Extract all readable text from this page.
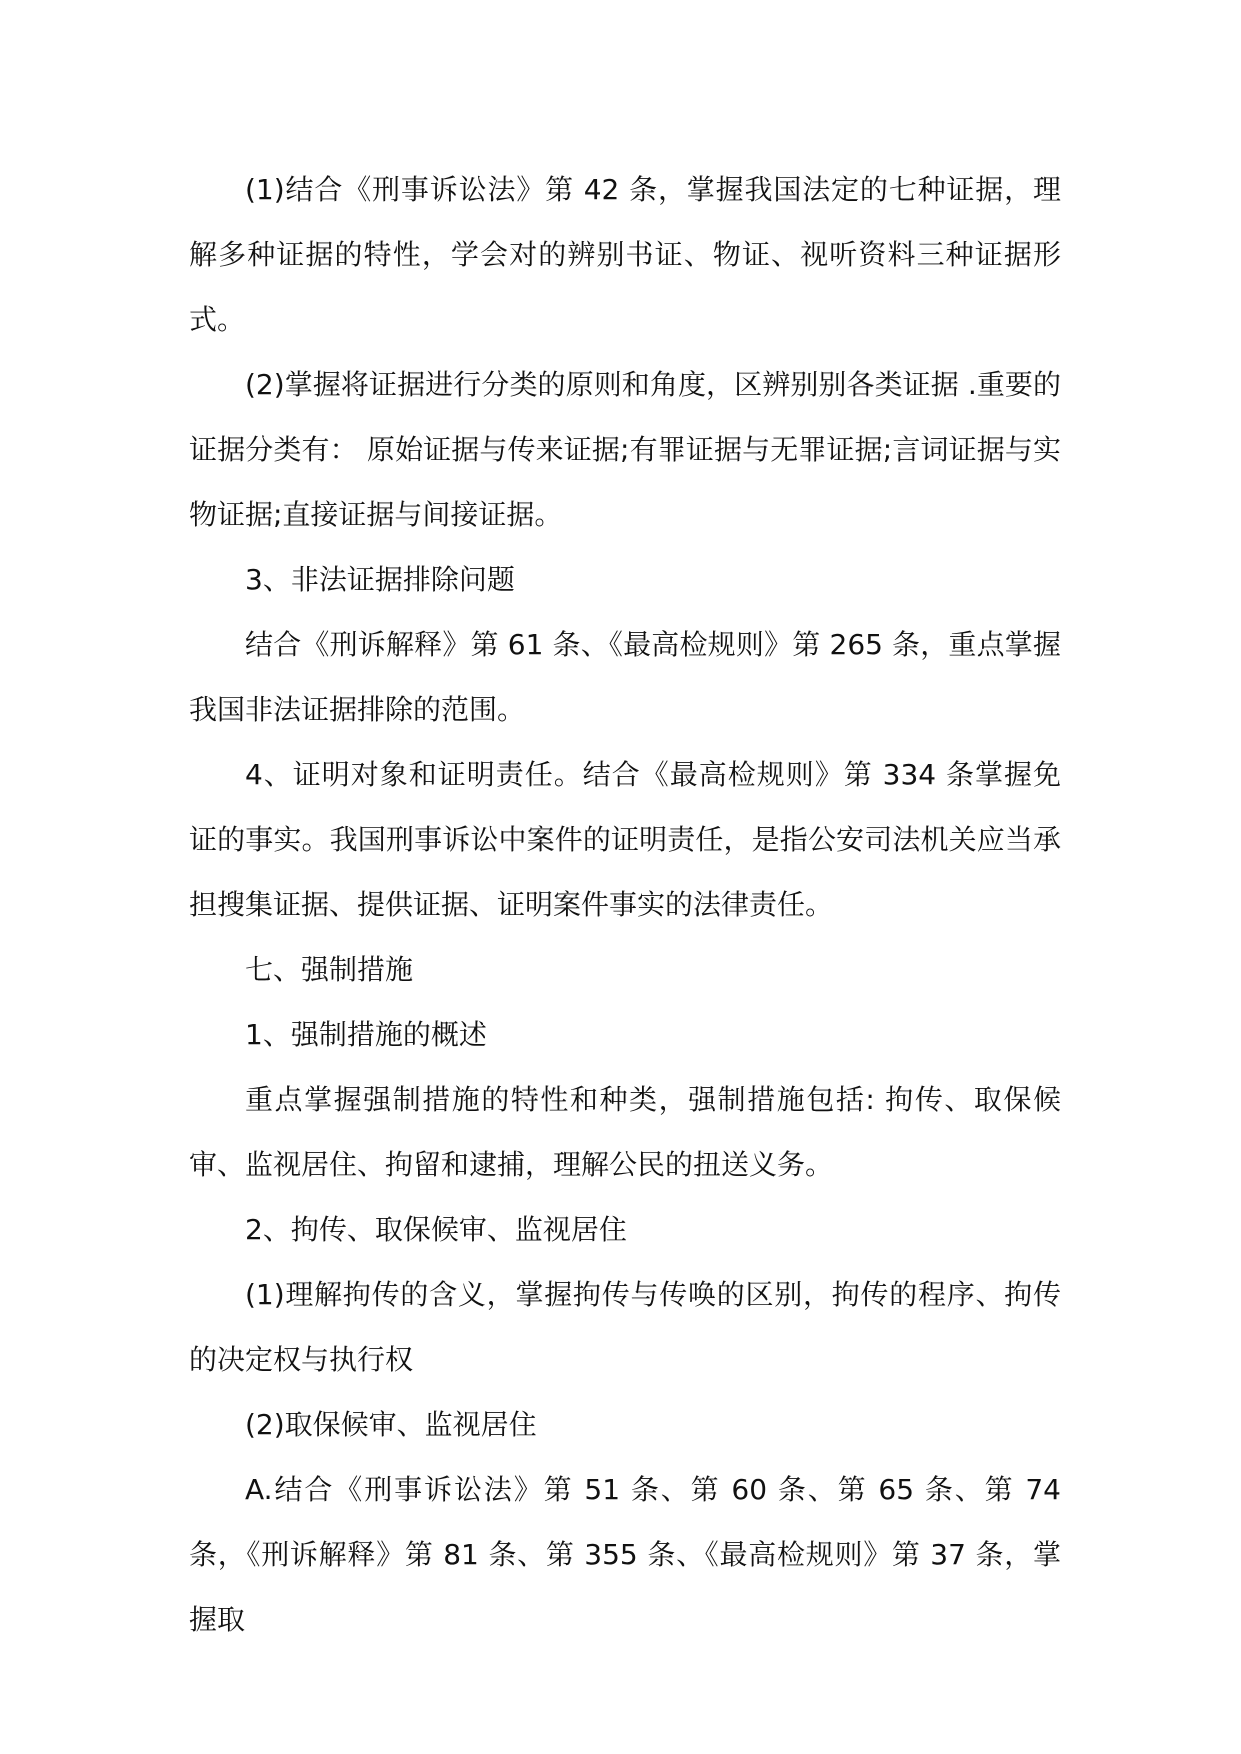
(1)结合《刑事诉讼法》第 42 条，掌握我国法定的七种证据，理解多种证据的特性，学会对的辨别书证、物证、视听资料三种证据形式。

(2)掌握将证据进行分类的原则和角度，区辨别别各类证据 .重要的证据分类有： 原始证据与传来证据;有罪证据与无罪证据;言词证据与实物证据;直接证据与间接证据。

3、非法证据排除问题

结合《刑诉解释》第 61 条、《最高检规则》第 265 条，重点掌握我国非法证据排除的范围。

4、证明对象和证明责任。结合《最高检规则》第 334 条掌握免证的事实。我国刑事诉讼中案件的证明责任，是指公安司法机关应当承担搜集证据、提供证据、证明案件事实的法律责任。

七、强制措施

1、强制措施的概述

重点掌握强制措施的特性和种类，强制措施包括: 拘传、取保候审、监视居住、拘留和逮捕，理解公民的扭送义务。

2、拘传、取保候审、监视居住

(1)理解拘传的含义，掌握拘传与传唤的区别，拘传的程序、拘传的决定权与执行权

(2)取保候审、监视居住

A.结合《刑事诉讼法》第 51 条、第 60 条、第 65 条、第 74 条，《刑诉解释》第 81 条、第 355 条、《最高检规则》第 37 条，掌握取
